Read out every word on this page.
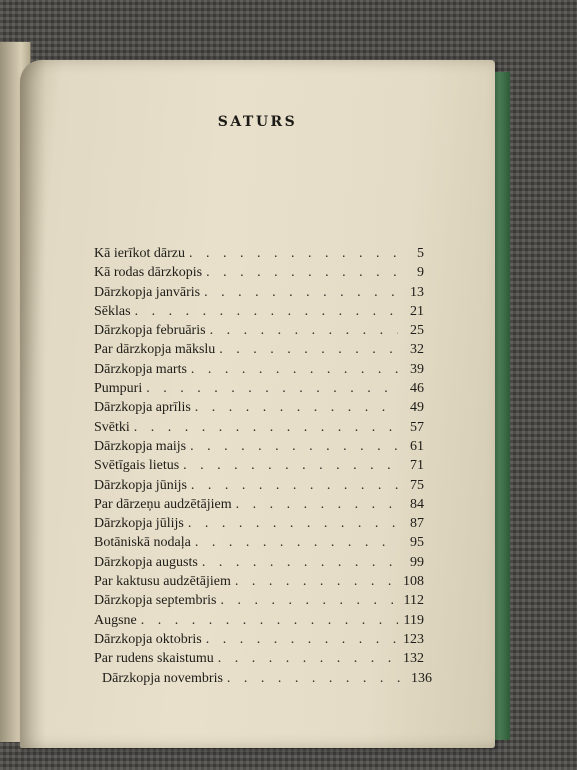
SATURS
Kā ierīkot dārzu . . .	5
Kā rodas dārzkopis . . .	9
Dārzkopja janvāris . . .	13
Sēklas . . .	21
Dārzkopja februāris . . .	25
Par dārzkopja mākslu . . .	32
Dārzkopja marts . . .	39
Pumpuri . . .	46
Dārzkopja aprīlis . . .	49
Svētki . . .	57
Dārzkopja maijs . . .	61
Svētīgais lietus . . .	71
Dārzkopja jūnijs . . .	75
Par dārzeņu audzētājiem . . .	84
Dārzkopja jūlijs . . .	87
Botāniskā nodaļa . . .	95
Dārzkopja augusts . . .	99
Par kaktusu audzētājiem . . .	108
Dārzkopja septembris . . .	112
Augsne . . .	119
Dārzkopja oktobris . . .	123
Par rudens skaistumu . . .	132
Dārzkopja novembris . . .	136
